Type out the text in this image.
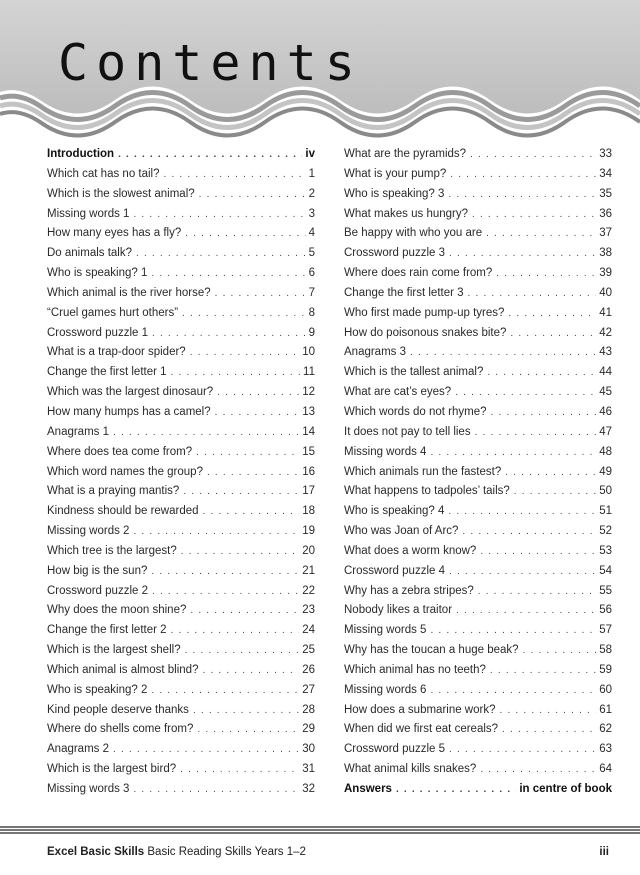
Contents
Introduction . . .	iv
Which cat has no tail? . . .	1
Which is the slowest animal? . . .	2
Missing words 1 . . .	3
How many eyes has a fly? . . .	4
Do animals talk? . . .	5
Who is speaking? 1 . . .	6
Which animal is the river horse? . . .	7
“Cruel games hurt others” . . .	8
Crossword puzzle 1 . . .	9
What is a trap-door spider? . . .	10
Change the first letter 1 . . .	11
Which was the largest dinosaur? . . .	12
How many humps has a camel? . . .	13
Anagrams 1 . . .	14
Where does tea come from? . . .	15
Which word names the group? . . .	16
What is a praying mantis? . . .	17
Kindness should be rewarded . . .	18
Missing words 2 . . .	19
Which tree is the largest? . . .	20
How big is the sun? . . .	21
Crossword puzzle 2 . . .	22
Why does the moon shine? . . .	23
Change the first letter 2 . . .	24
Which is the largest shell? . . .	25
Which animal is almost blind? . . .	26
Who is speaking? 2 . . .	27
Kind people deserve thanks . . .	28
Where do shells come from? . . .	29
Anagrams 2 . . .	30
Which is the largest bird? . . .	31
Missing words 3 . . .	32
What are the pyramids? . . .	33
What is your pump? . . .	34
Who is speaking? 3 . . .	35
What makes us hungry? . . .	36
Be happy with who you are . . .	37
Crossword puzzle 3 . . .	38
Where does rain come from? . . .	39
Change the first letter 3 . . .	40
Who first made pump-up tyres? . . .	41
How do poisonous snakes bite? . . .	42
Anagrams 3 . . .	43
Which is the tallest animal? . . .	44
What are cat’s eyes? . . .	45
Which words do not rhyme? . . .	46
It does not pay to tell lies . . .	47
Missing words 4 . . .	48
Which animals run the fastest? . . .	49
What happens to tadpoles’ tails? . . .	50
Who is speaking? 4 . . .	51
Who was Joan of Arc? . . .	52
What does a worm know? . . .	53
Crossword puzzle 4 . . .	54
Why has a zebra stripes? . . .	55
Nobody likes a traitor . . .	56
Missing words 5 . . .	57
Why has the toucan a huge beak? . . .	58
Which animal has no teeth? . . .	59
Missing words 6 . . .	60
How does a submarine work? . . .	61
When did we first eat cereals? . . .	62
Crossword puzzle 5 . . .	63
What animal kills snakes? . . .	64
Answers . . .	in centre of book
Excel Basic Skills Basic Reading Skills Years 1–2	iii
